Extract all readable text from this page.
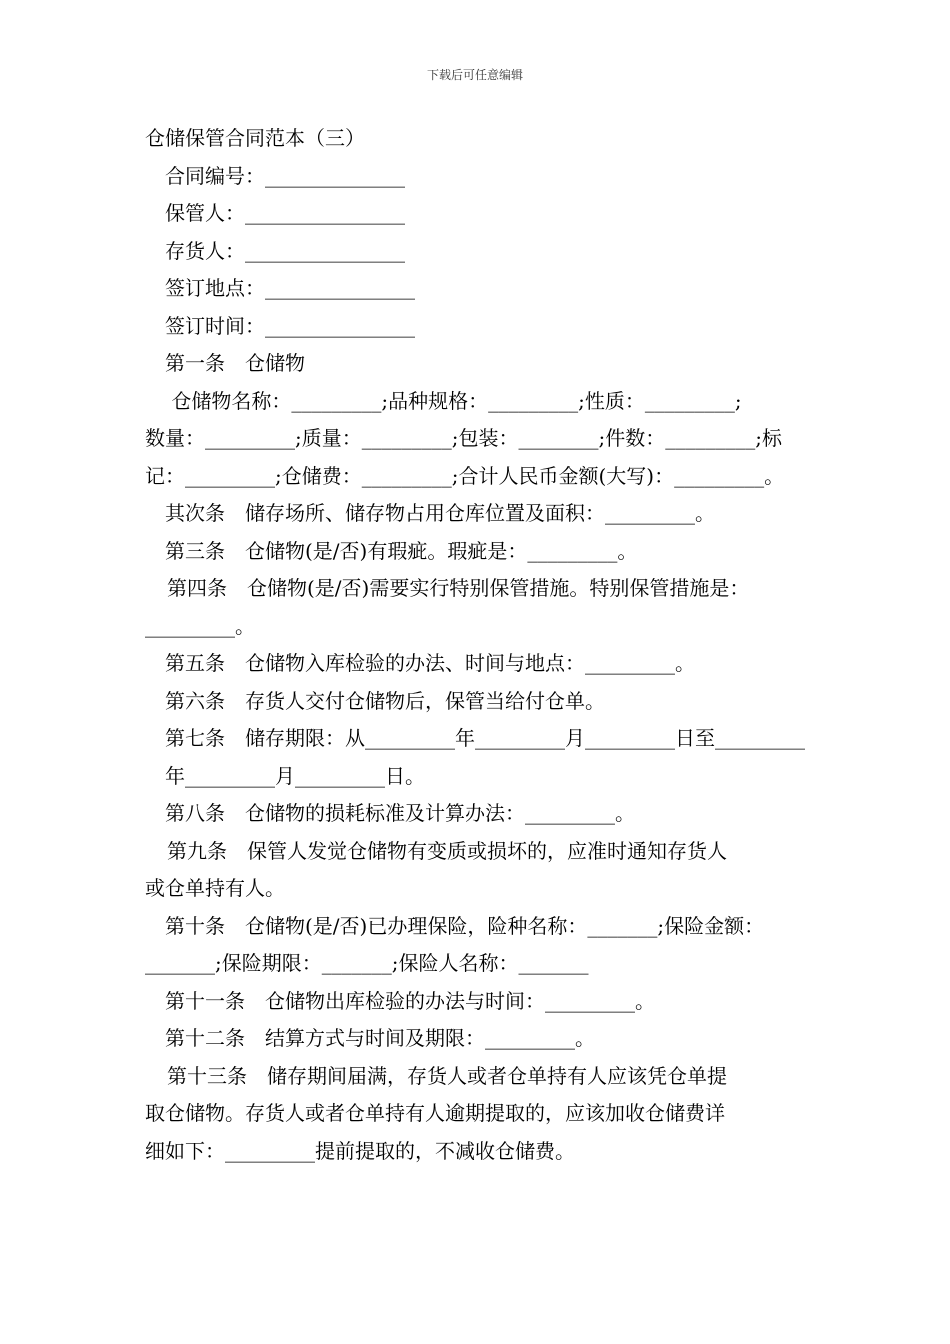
下载后可任意编辑
仓储保管合同范本（三）
合同编号：______________
保管人：________________
存货人：________________
签订地点：_______________
签订时间：_______________
第一条　仓储物
仓储物名称：_________;品种规格：_________;性质：_________;
数量：_________;质量：_________;包装：________;件数：_________;标记：_________;仓储费：_________;合计人民币金额(大写)：_________。
其次条　储存场所、储存物占用仓库位置及面积：_________。
第三条　仓储物(是/否)有瑕疵。瑕疵是：_________。
第四条　仓储物(是/否)需要实行特别保管措施。特别保管措施是：
_________。
第五条　仓储物入库检验的办法、时间与地点：_________。
第六条　存货人交付仓储物后，保管当给付仓单。
第七条　储存期限：从_________年_________月_________日至_________年_________月_________日。
第八条　仓储物的损耗标准及计算办法：_________。
第九条　保管人发觉仓储物有变质或损坏的，应准时通知存货人
或仓单持有人。
第十条　仓储物(是/否)已办理保险，险种名称：_______;保险金额：
_______;保险期限：_______;保险人名称：_______
第十一条　仓储物出库检验的办法与时间：_________。
第十二条　结算方式与时间及期限：_________。
第十三条　储存期间届满，存货人或者仓单持有人应该凭仓单提
取仓储物。存货人或者仓单持有人逾期提取的，应该加收仓储费详
细如下：_________提前提取的，不减收仓储费。
